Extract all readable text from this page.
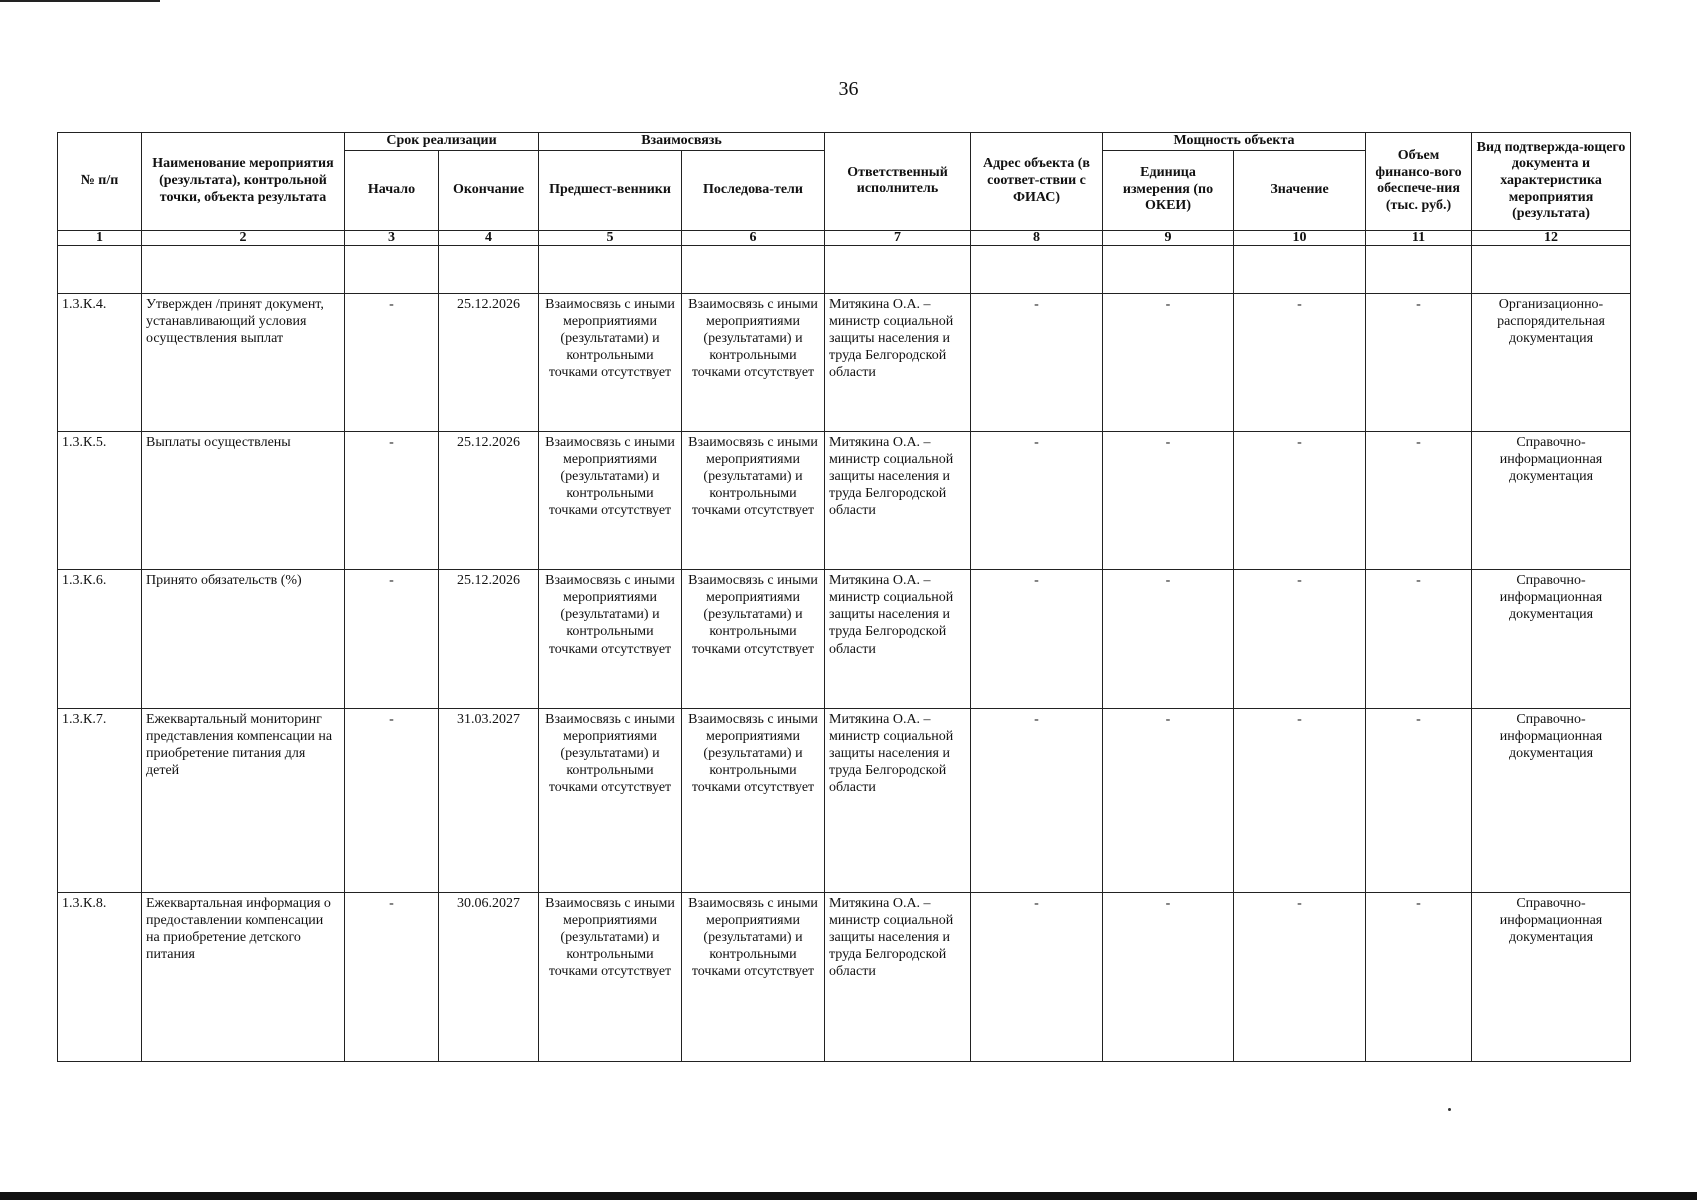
36
№ п/п	Наименование мероприятия (результата), контрольной точки, объекта результата	Срок реализации		Взаимосвязь		Ответственный исполнитель	Адрес объекта (в соответ-ствии с ФИАС)	Мощность объекта		Объем финансо-вого обеспече-ния (тыс. руб.)	Вид подтвержда-ющего документа и характеристика мероприятия (результата)
		Начало	Окончание	Предшест-венники	Последова-тели			Единица измерения (по ОКЕИ)	Значение		
1	2	3	4	5	6	7	8	9	10	11	12

1.3.К.4.	Утвержден /принят документ, устанавливающий условия осуществления выплат	-	25.12.2026	Взаимосвязь с иными мероприятиями (результатами) и контрольными точками отсутствует	Взаимосвязь с иными мероприятиями (результатами) и контрольными точками отсутствует	Митякина О.А. – министр социальной защиты населения и труда Белгородской области	-	-	-	-	Организационно-распорядительная документация
1.3.К.5.	Выплаты осуществлены	-	25.12.2026	Взаимосвязь с иными мероприятиями (результатами) и контрольными точками отсутствует	Взаимосвязь с иными мероприятиями (результатами) и контрольными точками отсутствует	Митякина О.А. – министр социальной защиты населения и труда Белгородской области	-	-	-	-	Справочно-информационная документация
1.3.К.6.	Принято обязательств (%)	-	25.12.2026	Взаимосвязь с иными мероприятиями (результатами) и контрольными точками отсутствует	Взаимосвязь с иными мероприятиями (результатами) и контрольными точками отсутствует	Митякина О.А. – министр социальной защиты населения и труда Белгородской области	-	-	-	-	Справочно-информационная документация
1.3.К.7.	Ежеквартальный мониторинг представления компенсации на приобретение питания для детей	-	31.03.2027	Взаимосвязь с иными мероприятиями (результатами) и контрольными точками отсутствует	Взаимосвязь с иными мероприятиями (результатами) и контрольными точками отсутствует	Митякина О.А. – министр социальной защиты населения и труда Белгородской области	-	-	-	-	Справочно-информационная документация
1.3.К.8.	Ежеквартальная информация о предоставлении компенсации на приобретение детского питания	-	30.06.2027	Взаимосвязь с иными мероприятиями (результатами) и контрольными точками отсутствует	Взаимосвязь с иными мероприятиями (результатами) и контрольными точками отсутствует	Митякина О.А. – министр социальной защиты населения и труда Белгородской области	-	-	-	-	Справочно-информационная документация
